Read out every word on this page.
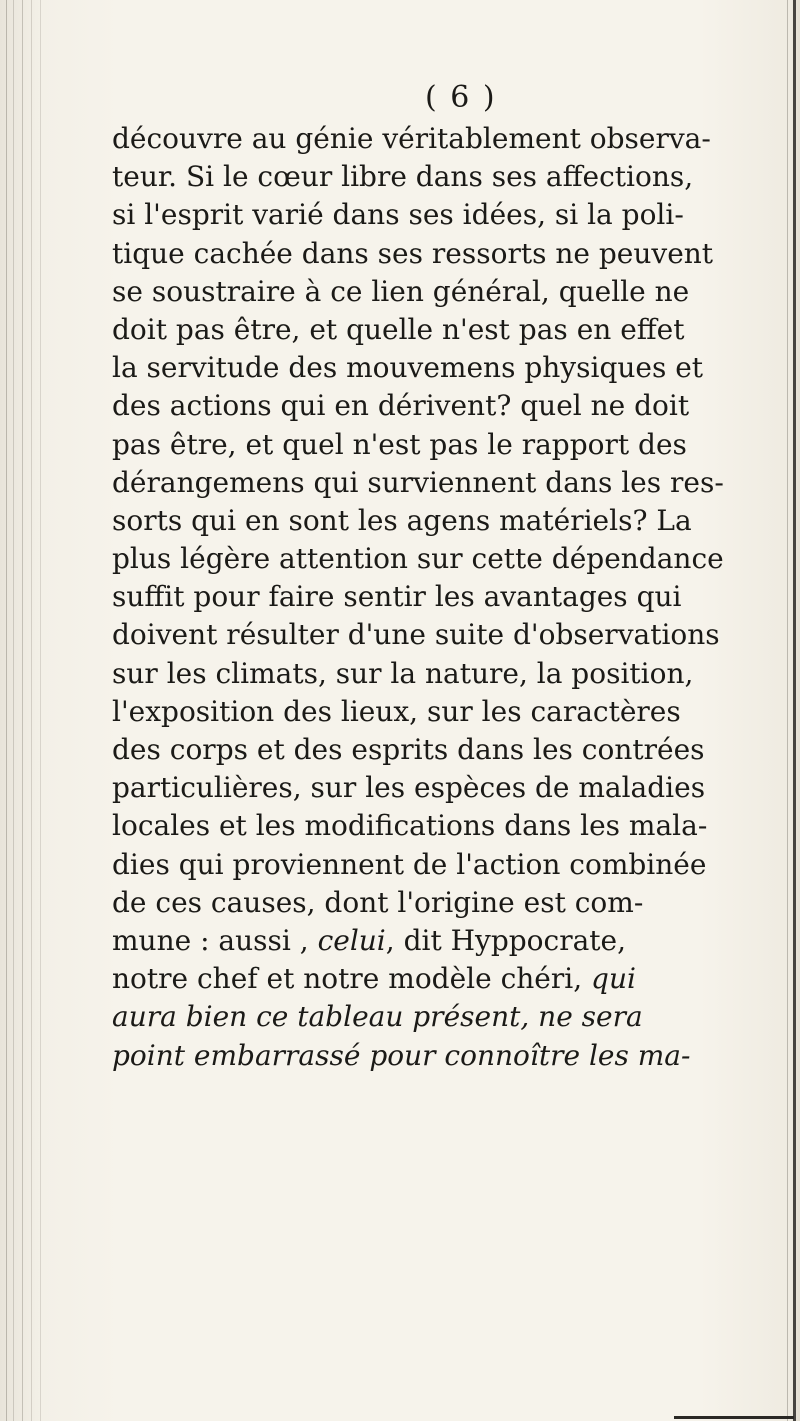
( 6 )
découvre au génie véritablement observa-
teur. Si le cœur libre dans ses affections,
si l'esprit varié dans ses idées, si la poli-
tique cachée dans ses ressorts ne peuvent
se soustraire à ce lien général, quelle ne
doit pas être, et quelle n'est pas en effet
la servitude des mouvemens physiques et
des actions qui en dérivent? quel ne doit
pas être, et quel n'est pas le rapport des
dérangemens qui surviennent dans les res-
sorts qui en sont les agens matériels? La
plus légère attention sur cette dépendance
suffit pour faire sentir les avantages qui
doivent résulter d'une suite d'observations
sur les climats, sur la nature, la position,
l'exposition des lieux, sur les caractères
des corps et des esprits dans les contrées
particulières, sur les espèces de maladies
locales et les modifications dans les mala-
dies qui proviennent de l'action combinée
de ces causes, dont l'origine est com-
mune : aussi , celui, dit Hyppocrate,
notre chef et notre modèle chéri, qui
aura bien ce tableau présent, ne sera
point embarrassé pour connoître les ma-
